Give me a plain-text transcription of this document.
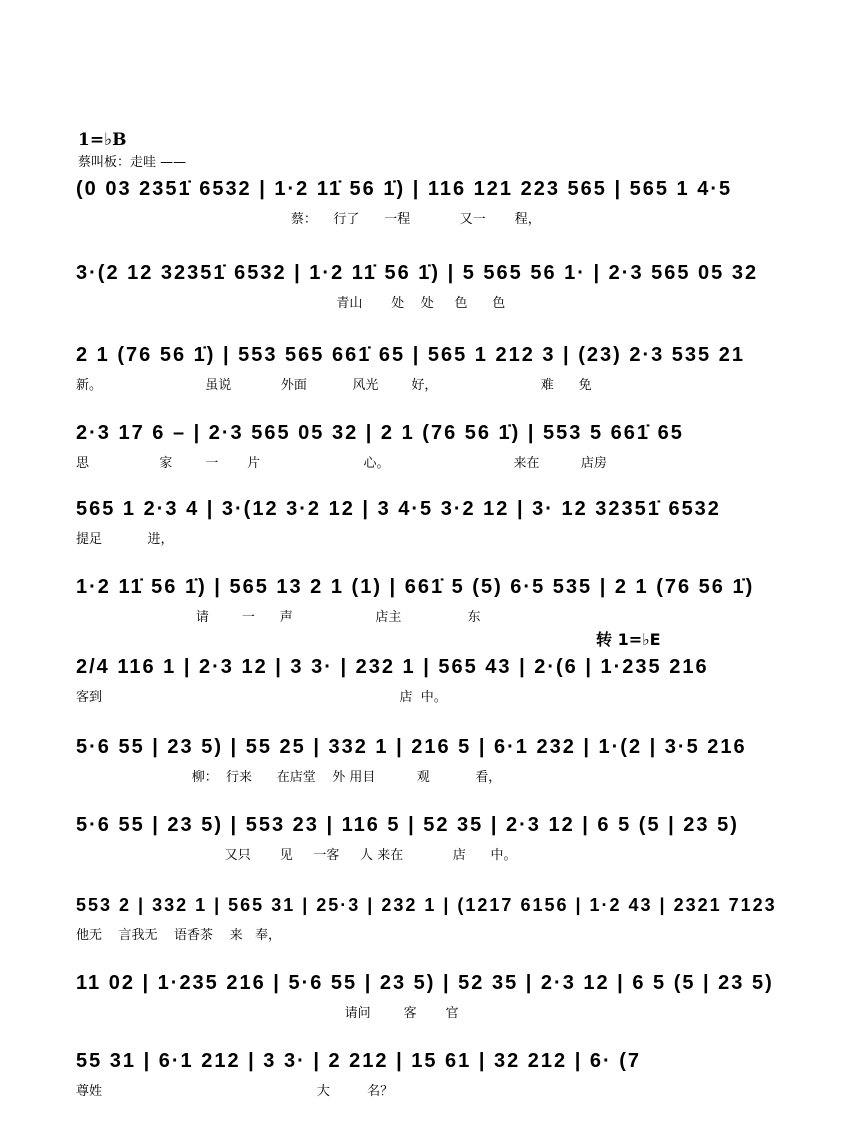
1=♭B
蔡叫板：走哇 ——
转 1=♭E
(0 03 2351̇ 6532 | 1·2 11̇ 56 1̇) | 116 121 223 565 | 565 1 4·5
蔡：    行了      一程            又一       程，
3·(2 12 32351̇ 6532 | 1·2 11̇ 56 1̇) | 5 565 56 1· | 2·3 565 05 32
青山       处    处     色      色
2 1 (76 56 1̇) | 553 565 661̇ 65 | 565 1 212 3 | (23) 2·3 535 21
新。                         虽说            外面           风光        好，                         难      免
2·3 17 6 – | 2·3 565 05 32 | 2 1 (76 56 1̇) | 553 5 661̇ 65
思                 家        一       片                         心。                              来在          店房
565 1 2·3 4 | 3·(12 3·2 12 | 3 4·5 3·2 12 | 3· 12 32351̇ 6532
提足           进，
1·2 11̇ 56 1̇) | 565 13 2 1 (1) | 661̇ 5 (5) 6·5 535 | 2 1 (76 56 1̇)
请        一      声                    店主                东
2/4 116 1 | 2·3 12 | 3 3· | 232 1 | 565 43 | 2·(6 | 1·235 216
客到                                                                        店  中。
5·6 55 | 23 5) | 55 25 | 332 1 | 216 5 | 6·1 232 | 1·(2 | 3·5 216
柳：  行来      在店堂    外 用目          观           看，
5·6 55 | 23 5) | 553 23 | 116 5 | 52 35 | 2·3 12 | 6 5 (5 | 23 5)
又只       见     一客     人 来在            店      中。
553 2 | 332 1 | 565 31 | 25·3 | 232 1 | (1217 6156 | 1·2 43 | 2321 7123
他无    言我无    语香茶    来   奉，
11 02 | 1·235 216 | 5·6 55 | 23 5) | 52 35 | 2·3 12 | 6 5 (5 | 23 5)
请问        客       官
55 31 | 6·1 212 | 3 3· | 2 212 | 15 61 | 32 212 | 6· (7
尊姓                                                    大         名？
